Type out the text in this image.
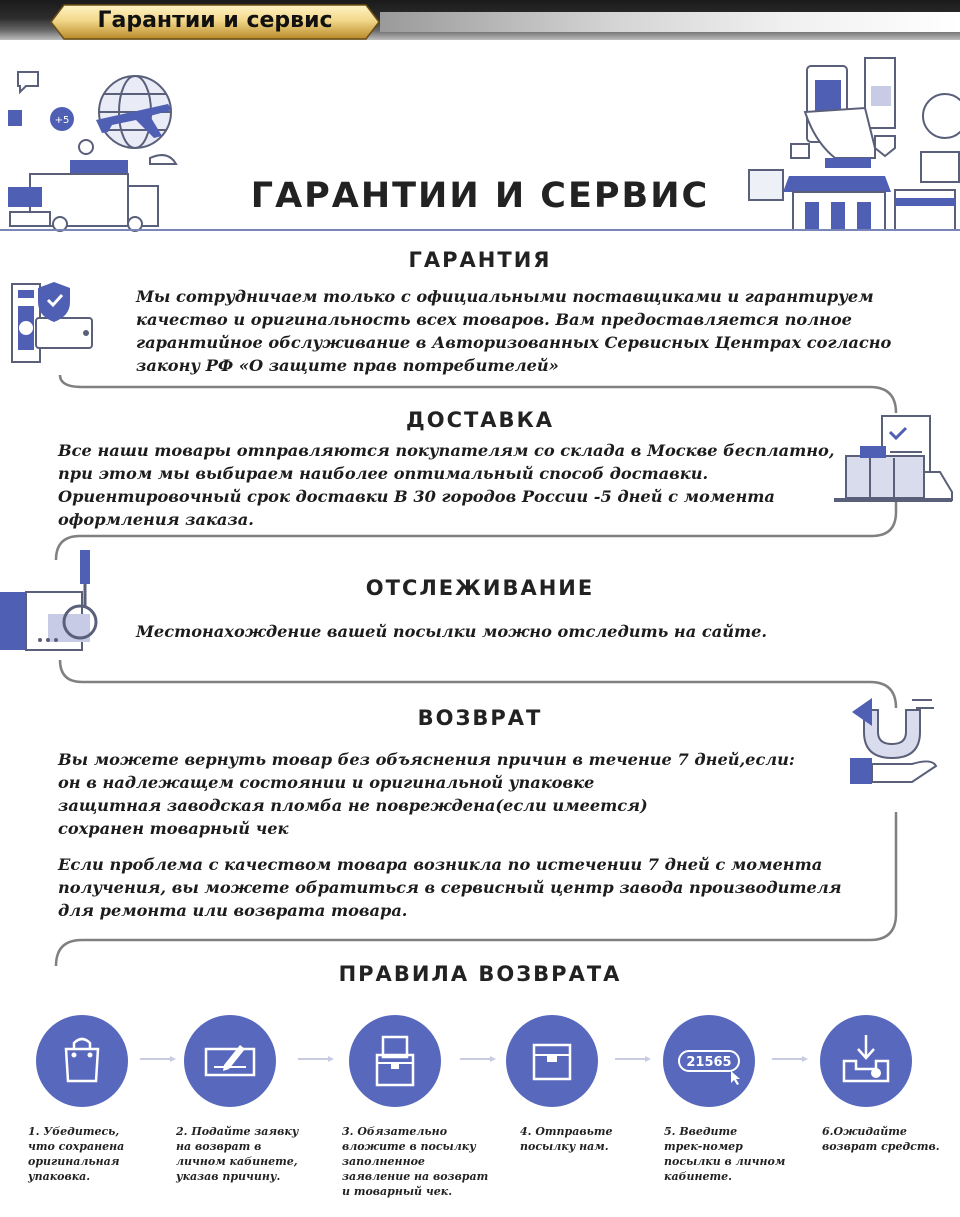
Гарантии и сервис
+5
ГАРАНТИИ И СЕРВИС
ГАРАНТИЯ

Мы сотрудничаем только с официальными поставщиками и гарантируем

качество и оригинальность всех товаров. Вам предоставляется полное

гарантийное обслуживание в Авторизованных Сервисных Центрах согласно

закону РФ «О защите прав потребителей»

ДОСТАВКА

Все наши товары отправляются покупателям со склада в Москве бесплатно,

при этом мы выбираем наиболее оптимальный способ доставки.

Ориентировочный срок доставки В 30 городов России -5 дней с момента

оформления заказа.

ОТСЛЕЖИВАНИЕ

Местонахождение вашей посылки можно отследить на сайте.

ВОЗВРАТ

Вы можете вернуть товар без объяснения причин в течение 7 дней,если:

он в надлежащем состоянии и оригинальной упаковке

защитная заводская пломба не повреждена(если имеется)

сохранен товарный чек

Если проблема с качеством товара возникла по истечении 7 дней с момента

получения, вы можете обратиться в сервисный центр завода производителя

для ремонта или возврата товара.

ПРАВИЛА ВОЗВРАТА
21565

1. Убедитесь,

что сохранена

оригинальная

упаковка.

2. Подайте заявку

на возврат в

личном кабинете,

указав причину.

3. Обязательно

вложите в посылку

заполненное

заявление на возврат

и товарный чек.

4. Отправьте

посылку нам.

5. Введите

трек-номер

посылки в личном

кабинете.

6.Ожидайте

возврат средств.
